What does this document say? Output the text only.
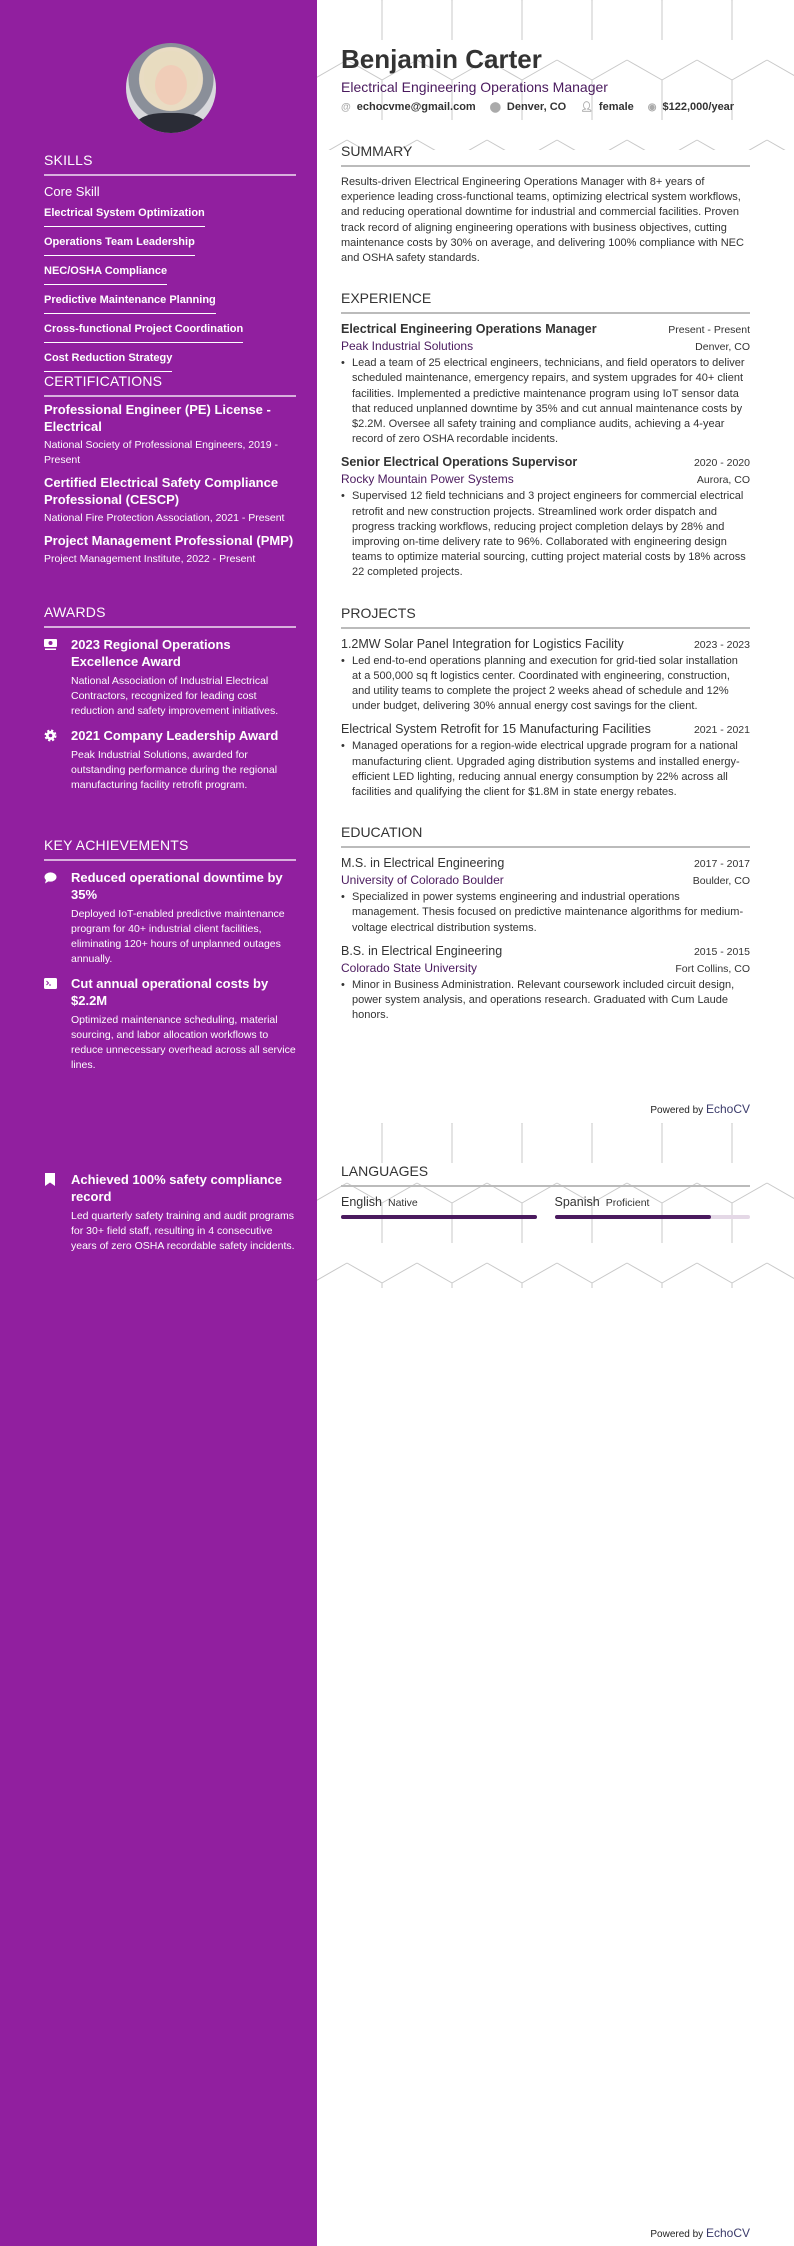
SKILLS
Core Skill
Electrical System Optimization
Operations Team Leadership
NEC/OSHA Compliance
Predictive Maintenance Planning
Cross-functional Project Coordination
Cost Reduction Strategy
CERTIFICATIONS
Professional Engineer (PE) License - Electrical
National Society of Professional Engineers, 2019 - Present
Certified Electrical Safety Compliance Professional (CESCP)
National Fire Protection Association, 2021 - Present
Project Management Professional (PMP)
Project Management Institute, 2022 - Present
AWARDS
2023 Regional Operations Excellence Award
National Association of Industrial Electrical Contractors, recognized for leading cost reduction and safety improvement initiatives.
2021 Company Leadership Award
Peak Industrial Solutions, awarded for outstanding performance during the regional manufacturing facility retrofit program.
KEY ACHIEVEMENTS
Reduced operational downtime by 35%
Deployed IoT-enabled predictive maintenance program for 40+ industrial client facilities, eliminating 120+ hours of unplanned outages annually.
Cut annual operational costs by $2.2M
Optimized maintenance scheduling, material sourcing, and labor allocation workflows to reduce unnecessary overhead across all service lines.
Achieved 100% safety compliance record
Led quarterly safety training and audit programs for 30+ field staff, resulting in 4 consecutive years of zero OSHA recordable safety incidents.
Benjamin Carter
Electrical Engineering Operations Manager
@ echocvme@gmail.com ⬤ Denver, CO 👤︎ female ◉ $122,000/year
SUMMARY
Results-driven Electrical Engineering Operations Manager with 8+ years of experience leading cross-functional teams, optimizing electrical system workflows, and reducing operational downtime for industrial and commercial facilities. Proven track record of aligning engineering operations with business objectives, cutting maintenance costs by 30% on average, and delivering 100% compliance with NEC and OSHA safety standards.
EXPERIENCE
Electrical Engineering Operations Manager	Present - Present
Peak Industrial Solutions	Denver, CO
• Lead a team of 25 electrical engineers, technicians, and field operators to deliver scheduled maintenance, emergency repairs, and system upgrades for 40+ client facilities. Implemented a predictive maintenance program using IoT sensor data that reduced unplanned downtime by 35% and cut annual maintenance costs by $2.2M. Oversee all safety training and compliance audits, achieving a 4-year record of zero OSHA recordable incidents.
Senior Electrical Operations Supervisor	2020 - 2020
Rocky Mountain Power Systems	Aurora, CO
• Supervised 12 field technicians and 3 project engineers for commercial electrical retrofit and new construction projects. Streamlined work order dispatch and progress tracking workflows, reducing project completion delays by 28% and improving on-time delivery rate to 96%. Collaborated with engineering design teams to optimize material sourcing, cutting project material costs by 18% across 22 completed projects.
PROJECTS
1.2MW Solar Panel Integration for Logistics Facility	2023 - 2023
• Led end-to-end operations planning and execution for grid-tied solar installation at a 500,000 sq ft logistics center. Coordinated with engineering, construction, and utility teams to complete the project 2 weeks ahead of schedule and 12% under budget, delivering 30% annual energy cost savings for the client.
Electrical System Retrofit for 15 Manufacturing Facilities	2021 - 2021
• Managed operations for a region-wide electrical upgrade program for a national manufacturing client. Upgraded aging distribution systems and installed energy-efficient LED lighting, reducing annual energy consumption by 22% across all facilities and qualifying the client for $1.8M in state energy rebates.
EDUCATION
M.S. in Electrical Engineering	2017 - 2017
University of Colorado Boulder	Boulder, CO
• Specialized in power systems engineering and industrial operations management. Thesis focused on predictive maintenance algorithms for medium-voltage electrical distribution systems.
B.S. in Electrical Engineering	2015 - 2015
Colorado State University	Fort Collins, CO
• Minor in Business Administration. Relevant coursework included circuit design, power system analysis, and operations research. Graduated with Cum Laude honors.
Powered by EchoCV
LANGUAGES
English Native	Spanish Proficient
Powered by EchoCV
